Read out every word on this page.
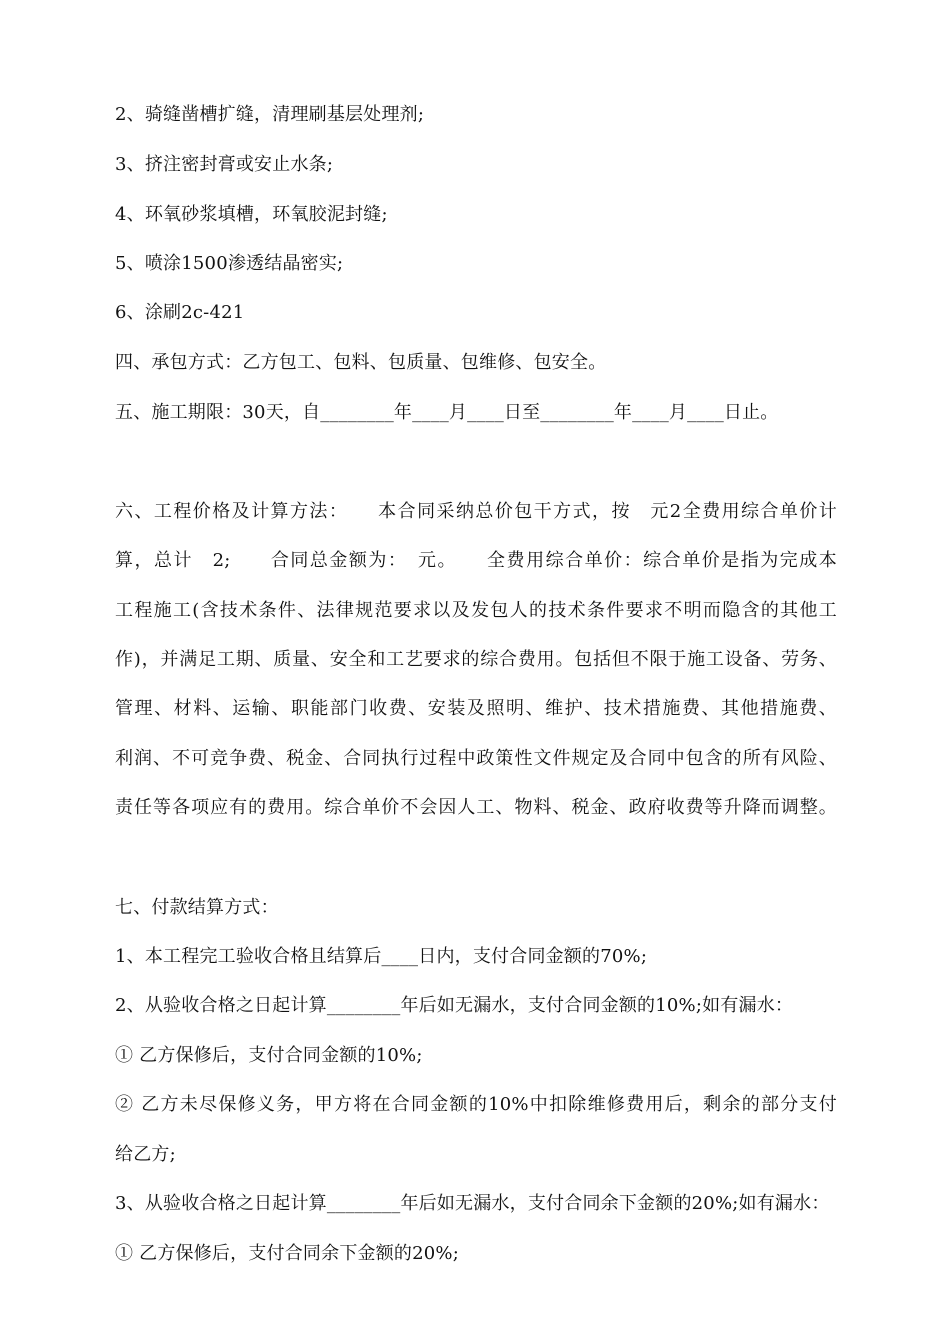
2、骑缝凿槽扩缝，清理刷基层处理剂;
3、挤注密封膏或安止水条;
4、环氧砂浆填槽，环氧胶泥封缝;
5、喷涂1500渗透结晶密实;
6、涂刷2c-421
四、承包方式：乙方包工、包料、包质量、包维修、包安全。
五、施工期限：30天，自________年____月____日至________年____月____日止。
六、工程价格及计算方法：　　本合同采纳总价包干方式，按　元2全费用综合单价计
算，总计　2;　　合同总金额为：　元。　　全费用综合单价：综合单价是指为完成本
工程施工(含技术条件、法律规范要求以及发包人的技术条件要求不明而隐含的其他工
作)，并满足工期、质量、安全和工艺要求的综合费用。包括但不限于施工设备、劳务、
管理、材料、运输、职能部门收费、安装及照明、维护、技术措施费、其他措施费、
利润、不可竞争费、税金、合同执行过程中政策性文件规定及合同中包含的所有风险、
责任等各项应有的费用。综合单价不会因人工、物料、税金、政府收费等升降而调整。
七、付款结算方式：
1、本工程完工验收合格且结算后____日内，支付合同金额的70%;
2、从验收合格之日起计算________年后如无漏水，支付合同金额的10%;如有漏水：
① 乙方保修后，支付合同金额的10%;
② 乙方未尽保修义务，甲方将在合同金额的10%中扣除维修费用后，剩余的部分支付
给乙方;
3、从验收合格之日起计算________年后如无漏水，支付合同余下金额的20%;如有漏水：
① 乙方保修后，支付合同余下金额的20%;
